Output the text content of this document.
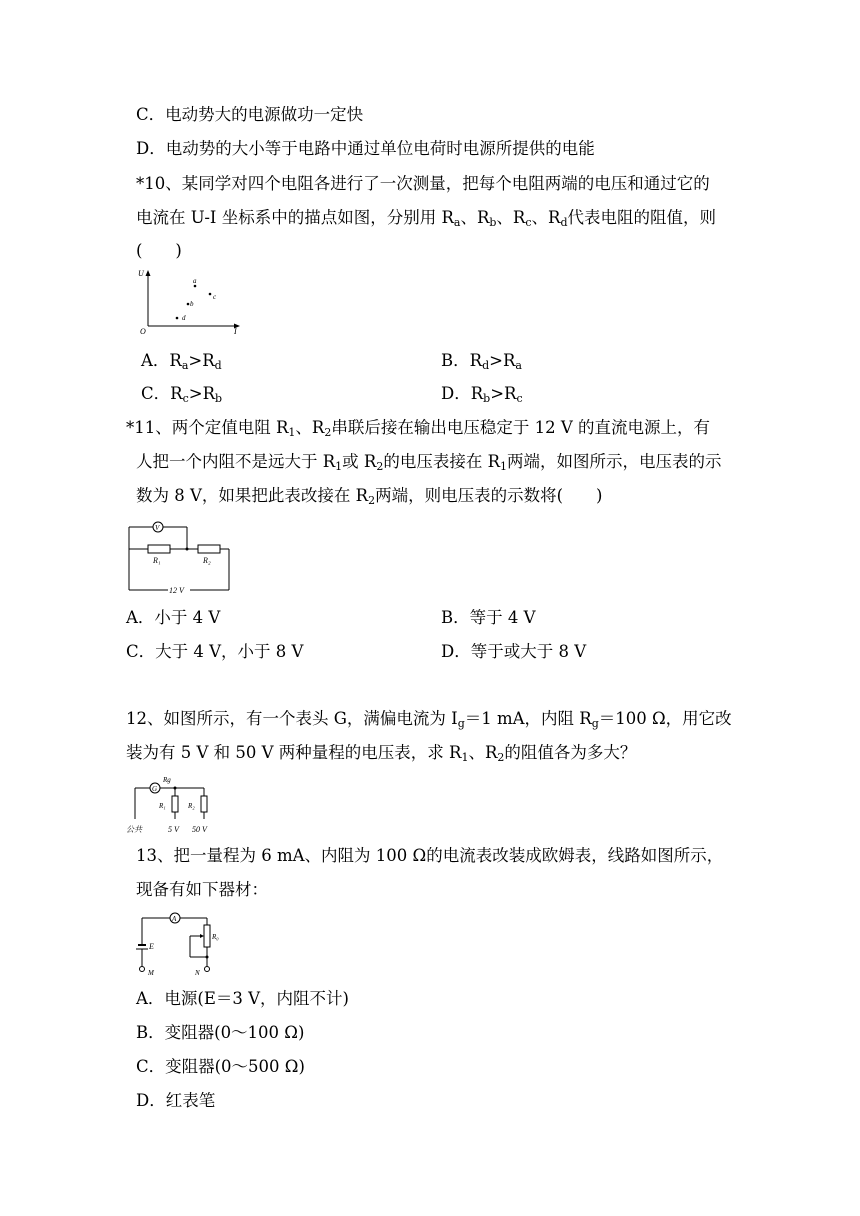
C．电动势大的电源做功一定快
D．电动势的大小等于电路中通过单位电荷时电源所提供的电能
*10、某同学对四个电阻各进行了一次测量，把每个电阻两端的电压和通过它的
电流在 U-I 坐标系中的描点如图，分别用 $R_a$、$R_b$、$R_c$、$R_d$代表电阻的阻值，则
(　　)
U
I
O
a
c
b
d
A．$R_a>R_d$	B．$R_d>R_a$
C．$R_c>R_b$	D．$R_b>R_c$
*11、两个定值电阻 $R_1$、$R_2$串联后接在输出电压稳定于 12 V 的直流电源上，有
人把一个内阻不是远大于 $R_1$或 $R_2$的电压表接在 $R_1$两端，如图所示，电压表的示
数为 8 V，如果把此表改接在 $R_2$两端，则电压表的示数将(　　)
12 V
V
R₁	R₂
A．小于 4 V	B．等于 4 V
C．大于 4 V，小于 8 V	D．等于或大于 8 V
12、如图所示，有一个表头 G，满偏电流为 $I_g=1$ mA，内阻 $R_g=100$ Ω，用它改
装为有 5 V 和 50 V 两种量程的电压表，求 $R_1$、$R_2$的阻值各为多大？
G
Rg
R₁	R₂
公共	5 V 50 V
13、把一量程为 6 mA、内阻为 100 Ω的电流表改装成欧姆表，线路如图所示，
现备有如下器材：
M
E
A
R₀
N
A．电源(E＝3 V，内阻不计)
B．变阻器(0～100 Ω)
C．变阻器(0～500 Ω)
D．红表笔
